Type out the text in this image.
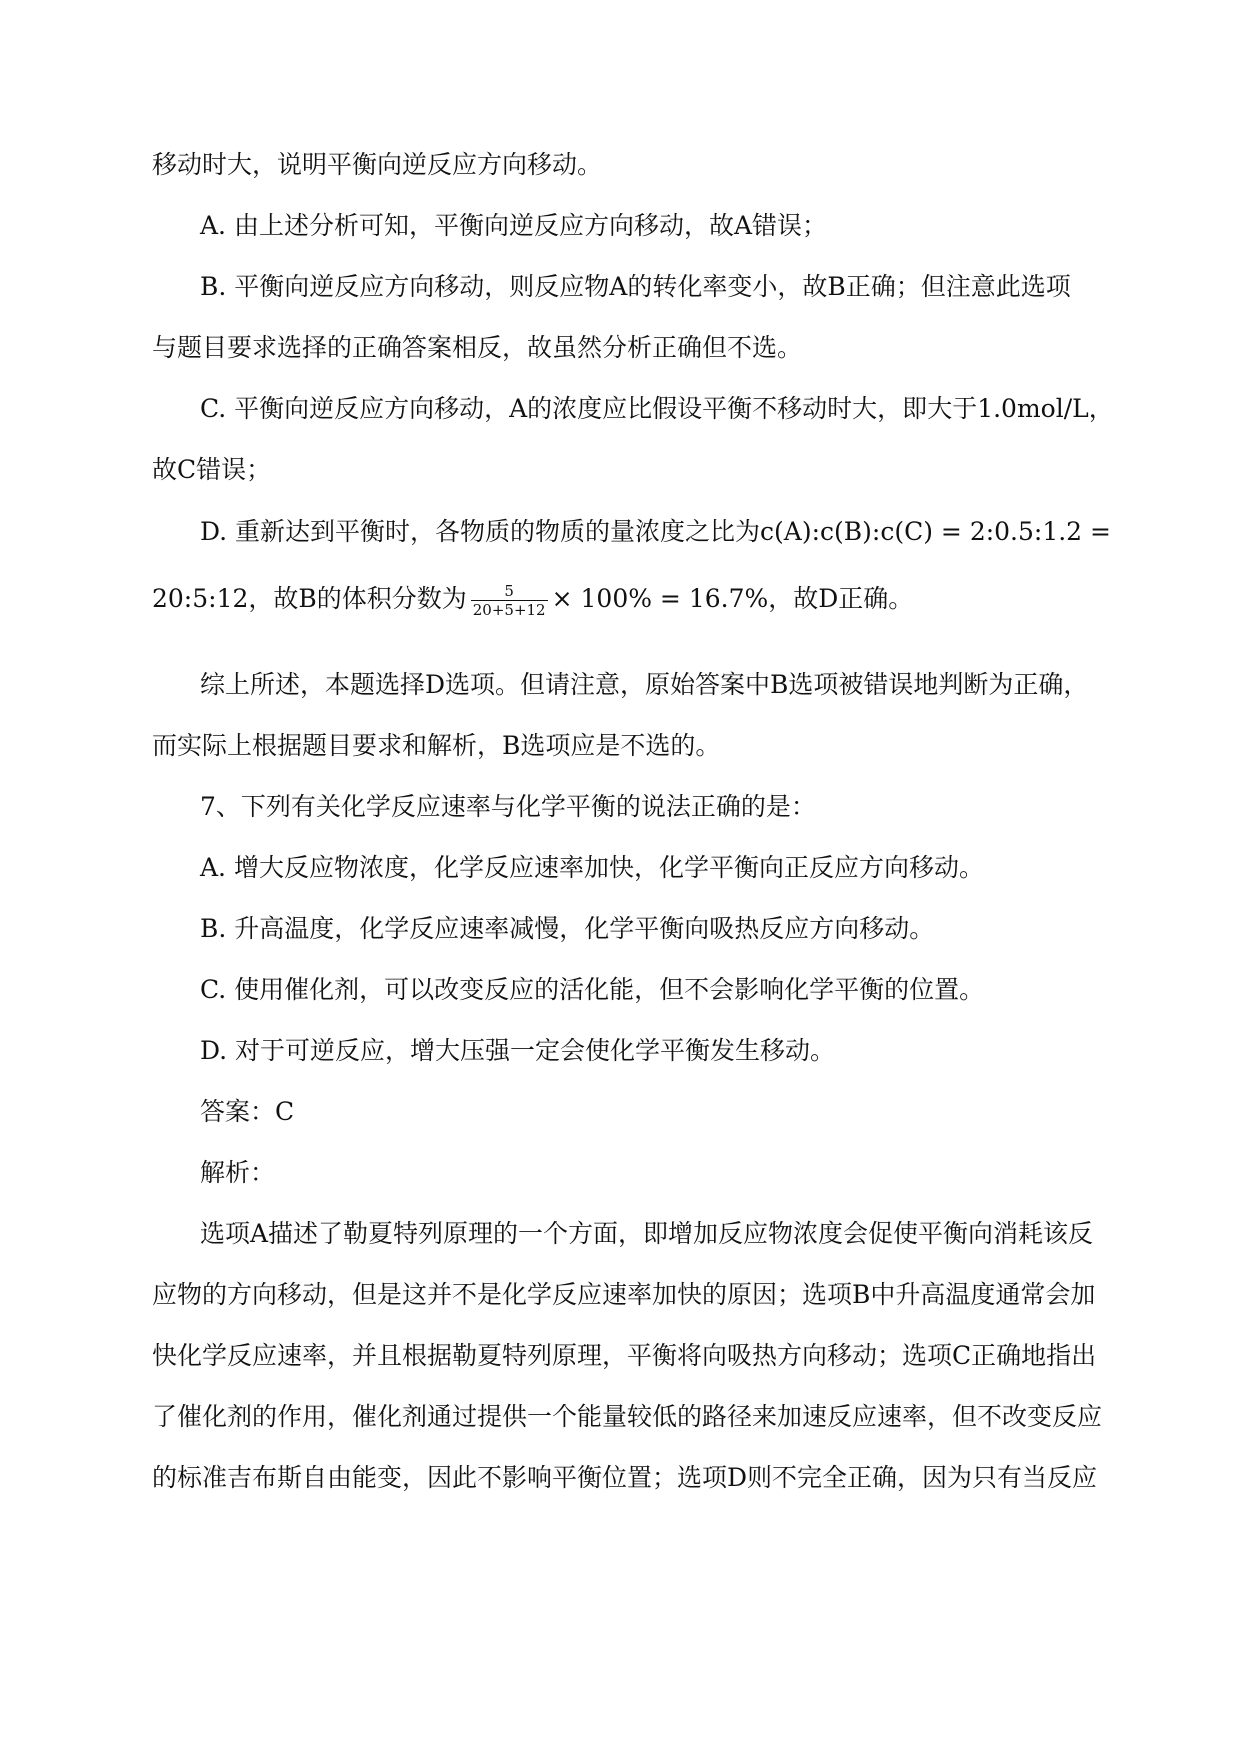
移动时大，说明平衡向逆反应方向移动。
A. 由上述分析可知，平衡向逆反应方向移动，故A错误；
B. 平衡向逆反应方向移动，则反应物A的转化率变小，故B正确；但注意此选项
与题目要求选择的正确答案相反，故虽然分析正确但不选。
C. 平衡向逆反应方向移动，A的浓度应比假设平衡不移动时大，即大于1.0mol/L，
故C错误；
D. 重新达到平衡时，各物质的物质的量浓度之比为c(A):c(B):c(C) = 2:0.5:1.2 =
20:5:12，故B的体积分数为 $\frac{5}{20+5+12} \times 100\% = 16.7\%$，故D正确。
综上所述，本题选择D选项。但请注意，原始答案中B选项被错误地判断为正确，
而实际上根据题目要求和解析，B选项应是不选的。
7、下列有关化学反应速率与化学平衡的说法正确的是：
A. 增大反应物浓度，化学反应速率加快，化学平衡向正反应方向移动。
B. 升高温度，化学反应速率减慢，化学平衡向吸热反应方向移动。
C. 使用催化剂，可以改变反应的活化能，但不会影响化学平衡的位置。
D. 对于可逆反应，增大压强一定会使化学平衡发生移动。
答案：C
解析：
选项A描述了勒夏特列原理的一个方面，即增加反应物浓度会促使平衡向消耗该反
应物的方向移动，但是这并不是化学反应速率加快的原因；选项B中升高温度通常会加
快化学反应速率，并且根据勒夏特列原理，平衡将向吸热方向移动；选项C正确地指出
了催化剂的作用，催化剂通过提供一个能量较低的路径来加速反应速率，但不改变反应
的标准吉布斯自由能变，因此不影响平衡位置；选项D则不完全正确，因为只有当反应
